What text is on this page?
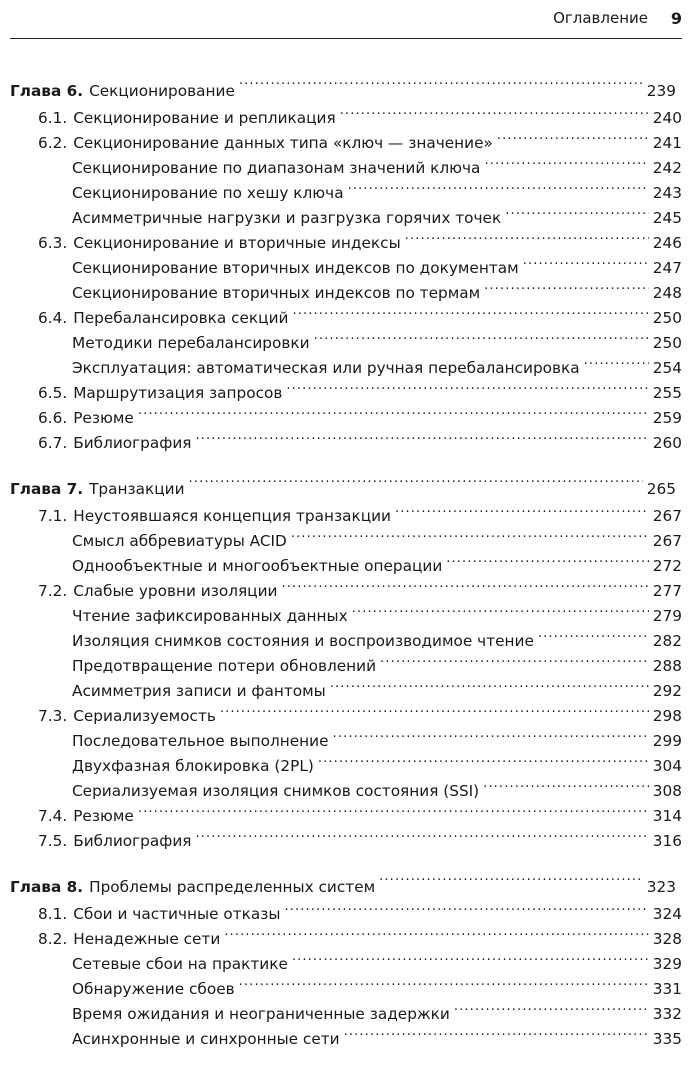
Оглавление 9
Глава 6. Секционирование . . .	239
6.1. Секционирование и репликация . . .	240
6.2. Секционирование данных типа «ключ — значение» . . .	241
Секционирование по диапазонам значений ключа . . .	242
Секционирование по хешу ключа . . .	243
Асимметричные нагрузки и разгрузка горячих точек . . .	245
6.3. Секционирование и вторичные индексы . . .	246
Секционирование вторичных индексов по документам . . .	247
Секционирование вторичных индексов по термам . . .	248
6.4. Перебалансировка секций . . .	250
Методики перебалансировки . . .	250
Эксплуатация: автоматическая или ручная перебалансировка . . .	254
6.5. Маршрутизация запросов . . .	255
6.6. Резюме . . .	259
6.7. Библиография . . .	260
Глава 7. Транзакции . . .	265
7.1. Неустоявшаяся концепция транзакции . . .	267
Смысл аббревиатуры ACID . . .	267
Однообъектные и многообъектные операции . . .	272
7.2. Слабые уровни изоляции . . .	277
Чтение зафиксированных данных . . .	279
Изоляция снимков состояния и воспроизводимое чтение . . .	282
Предотвращение потери обновлений . . .	288
Асимметрия записи и фантомы . . .	292
7.3. Сериализуемость . . .	298
Последовательное выполнение . . .	299
Двухфазная блокировка (2PL) . . .	304
Сериализуемая изоляция снимков состояния (SSI) . . .	308
7.4. Резюме . . .	314
7.5. Библиография . . .	316
Глава 8. Проблемы распределенных систем . . .	323
8.1. Сбои и частичные отказы . . .	324
8.2. Ненадежные сети . . .	328
Сетевые сбои на практике . . .	329
Обнаружение сбоев . . .	331
Время ожидания и неограниченные задержки . . .	332
Асинхронные и синхронные сети . . .	335
